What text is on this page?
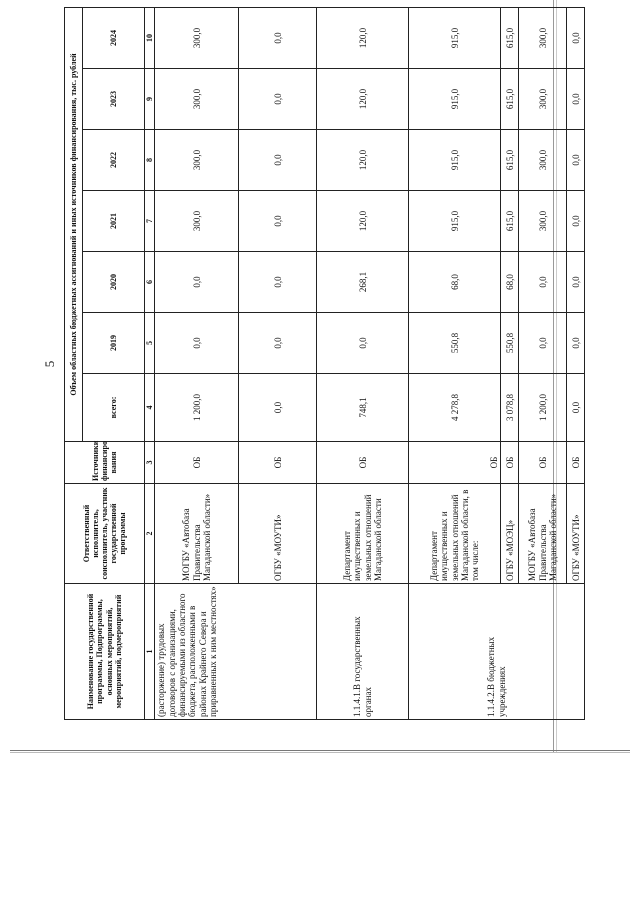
5
Наименование государственной программы, Подпрограммы, основных мероприятий, мероприятий, подмероприятий	Ответственный исполнитель, соисполнитель, участник государственной программы	Источники финансиро вания	Объем областных бюджетных ассигнований и иных источников финансирования, тыс. рублей						
			всего:	2019	2020	2021	2022	2023	2024
1	2	3	4	5	6	7	8	9	10
(расторжение) трудовых договоров с организациями, финансируемыми из областного бюджета, расположенными в районах Крайнего Севера и приравненных к ним местностях»	МОГБУ «Автобаза Правительства Магаданской области»	ОБ	1 200,0	0,0	0,0	300,0	300,0	300,0	300,0
	ОГБУ «МОУТИ»	ОБ	0,0	0,0	0,0	0,0	0,0	0,0	0,0
1.1.4.1.В государственных органах	Департамент имущественных и земельных отношений Магаданской области	ОБ	748,1	0,0	268,1	120,0	120,0	120,0	120,0
1.1.4.2.В бюджетных учреждениях	Департамент имущественных и земельных отношений Магаданской области, в том числе:	ОБ	4 278,8	550,8	68,0	915,0	915,0	915,0	915,0
	ОГБУ «МОЭЦ»	ОБ	3 078,8	550,8	68,0	615,0	615,0	615,0	615,0
	МОГБУ «Автобаза Правительства Магаданской области»	ОБ	1 200,0	0,0	0,0	300,0	300,0	300,0	300,0
	ОГБУ «МОУТИ»	ОБ	0,0	0,0	0,0	0,0	0,0	0,0	0,0
